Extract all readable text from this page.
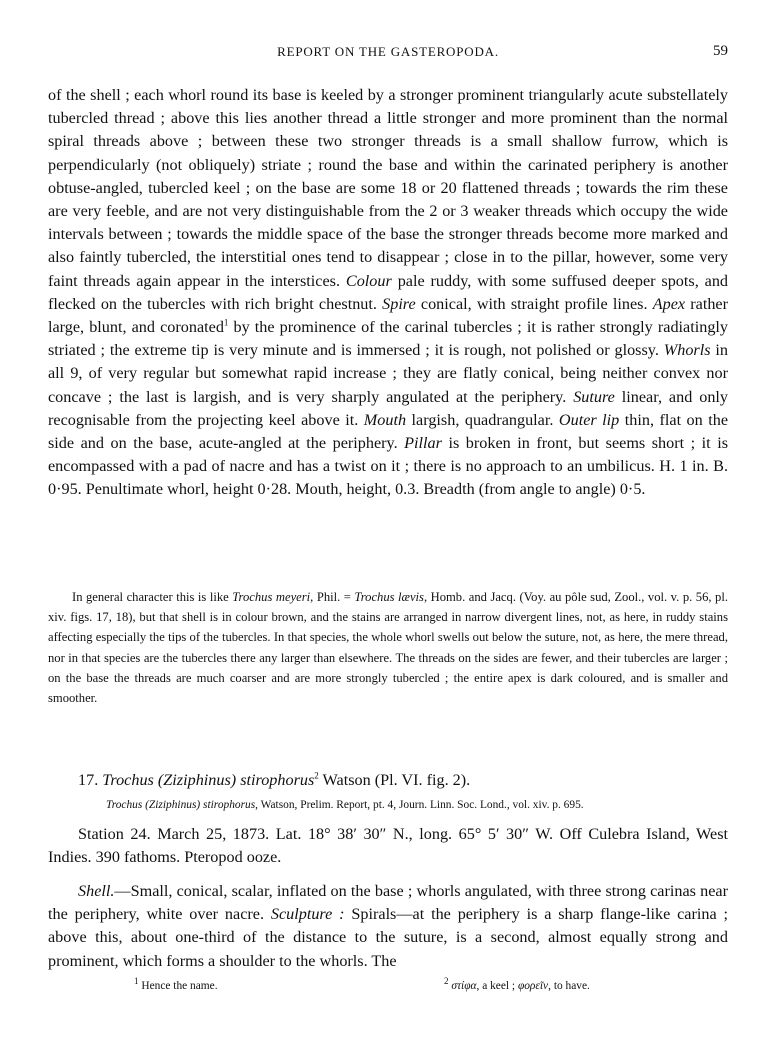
REPORT ON THE GASTEROPODA.	59

of the shell ; each whorl round its base is keeled by a stronger prominent triangularly acute substellately tubercled thread ; above this lies another thread a little stronger and more prominent than the normal spiral threads above ; between these two stronger threads is a small shallow furrow, which is perpendicularly (not obliquely) striate ; round the base and within the carinated periphery is another obtuse-angled, tubercled keel ; on the base are some 18 or 20 flattened threads ; towards the rim these are very feeble, and are not very distinguishable from the 2 or 3 weaker threads which occupy the wide intervals between ; towards the middle space of the base the stronger threads become more marked and also faintly tubercled, the interstitial ones tend to disappear ; close in to the pillar, however, some very faint threads again appear in the interstices. Colour pale ruddy, with some suffused deeper spots, and flecked on the tubercles with rich bright chestnut. Spire conical, with straight profile lines. Apex rather large, blunt, and coronated$^1$ by the prominence of the carinal tubercles ; it is rather strongly radiatingly striated ; the extreme tip is very minute and is immersed ; it is rough, not polished or glossy. Whorls in all 9, of very regular but somewhat rapid increase ; they are flatly conical, being neither convex nor concave ; the last is largish, and is very sharply angulated at the periphery. Suture linear, and only recognisable from the projecting keel above it. Mouth largish, quadrangular. Outer lip thin, flat on the side and on the base, acute-angled at the periphery. Pillar is broken in front, but seems short ; it is encompassed with a pad of nacre and has a twist on it ; there is no approach to an umbilicus. H. 1 in. B. 0·95. Penultimate whorl, height 0·28. Mouth, height, 0.3. Breadth (from angle to angle) 0·5.

In general character this is like Trochus meyeri, Phil. = Trochus lævis, Homb. and Jacq. (Voy. au pôle sud, Zool., vol. v. p. 56, pl. xiv. figs. 17, 18), but that shell is in colour brown, and the stains are arranged in narrow divergent lines, not, as here, in ruddy stains affecting especially the tips of the tubercles. In that species, the whole whorl swells out below the suture, not, as here, the mere thread, nor in that species are the tubercles there any larger than elsewhere. The threads on the sides are fewer, and their tubercles are larger ; on the base the threads are much coarser and are more strongly tubercled ; the entire apex is dark coloured, and is smaller and smoother.

17. Trochus (Ziziphinus) stirophorus$^2$ Watson (Pl. VI. fig. 2).
Trochus (Ziziphinus) stirophorus, Watson, Prelim. Report, pt. 4, Journ. Linn. Soc. Lond., vol. xiv. p. 695.

Station 24. March 25, 1873. Lat. 18° 38′ 30″ N., long. 65° 5′ 30″ W. Off Culebra Island, West Indies. 390 fathoms. Pteropod ooze.

Shell.—Small, conical, scalar, inflated on the base ; whorls angulated, with three strong carinas near the periphery, white over nacre. Sculpture : Spirals—at the periphery is a sharp flange-like carina ; above this, about one-third of the distance to the suture, is a second, almost equally strong and prominent, which forms a shoulder to the whorls. The

$^1$ Hence the name.	$^2$ στίφα, a keel ; φορεῖν, to have.
